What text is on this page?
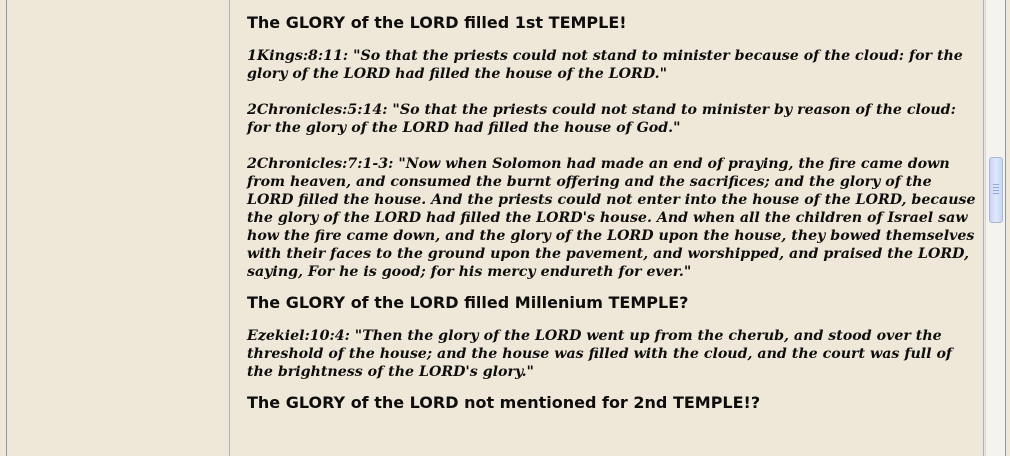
The GLORY of the LORD filled 1st TEMPLE!
1Kings:8:11: "So that the priests could not stand to minister because of the cloud: for the glory of the LORD had filled the house of the LORD."
2Chronicles:5:14: "So that the priests could not stand to minister by reason of the cloud: for the glory of the LORD had filled the house of God."
2Chronicles:7:1-3: "Now when Solomon had made an end of praying, the fire came down from heaven, and consumed the burnt offering and the sacrifices; and the glory of the LORD filled the house. And the priests could not enter into the house of the LORD, because the glory of the LORD had filled the LORD's house. And when all the children of Israel saw how the fire came down, and the glory of the LORD upon the house, they bowed themselves with their faces to the ground upon the pavement, and worshipped, and praised the LORD, saying, For he is good; for his mercy endureth for ever."
The GLORY of the LORD filled Millenium TEMPLE?
Ezekiel:10:4: "Then the glory of the LORD went up from the cherub, and stood over the threshold of the house; and the house was filled with the cloud, and the court was full of the brightness of the LORD's glory."
The GLORY of the LORD not mentioned for 2nd TEMPLE!?
